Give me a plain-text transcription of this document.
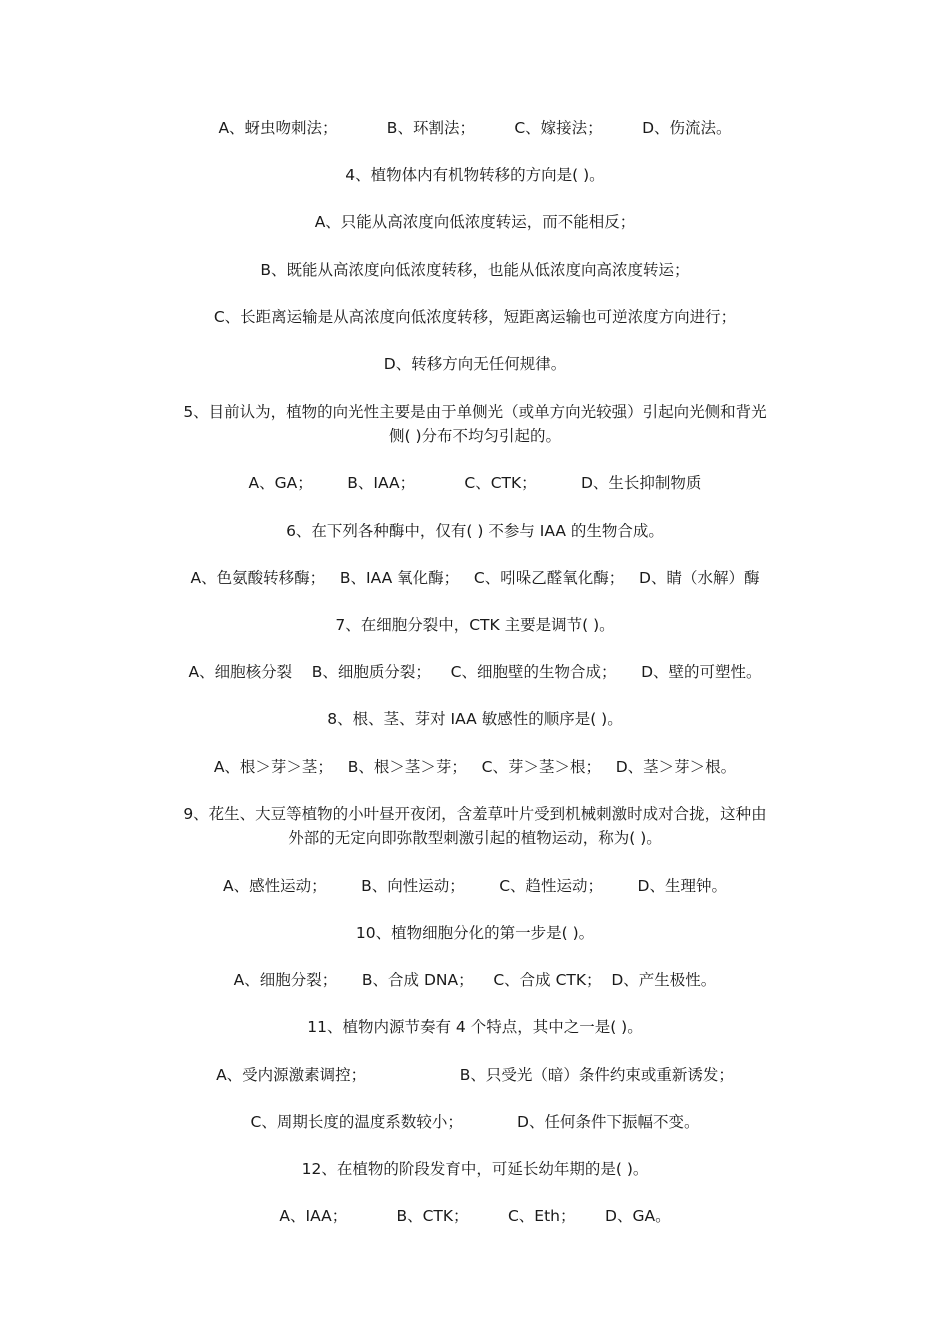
A、蚜虫吻刺法；          B、环割法；        C、嫁接法；        D、伤流法。
4、植物体内有机物转移的方向是( )。
A、只能从高浓度向低浓度转运，而不能相反；
B、既能从高浓度向低浓度转移，也能从低浓度向高浓度转运；
C、长距离运输是从高浓度向低浓度转移，短距离运输也可逆浓度方向进行；
D、转移方向无任何规律。
5、目前认为，植物的向光性主要是由于单侧光（或单方向光较强）引起向光侧和背光
侧( )分布不均匀引起的。
A、GA；       B、IAA；          C、CTK；         D、生长抑制物质
6、在下列各种酶中，仅有( ) 不参与 IAA 的生物合成。
A、色氨酸转移酶；   B、IAA 氧化酶；   C、吲哚乙醛氧化酶；   D、睛（水解）酶
7、在细胞分裂中，CTK 主要是调节( )。
A、细胞核分裂    B、细胞质分裂；    C、细胞壁的生物合成；     D、壁的可塑性。
8、根、茎、芽对 IAA 敏感性的顺序是( )。
A、根＞芽＞茎；   B、根＞茎＞芽；   C、芽＞茎＞根；   D、茎＞芽＞根。
9、花生、大豆等植物的小叶昼开夜闭，含羞草叶片受到机械刺激时成对合拢，这种由
外部的无定向即弥散型刺激引起的植物运动，称为( )。
A、感性运动；       B、向性运动；       C、趋性运动；       D、生理钟。
10、植物细胞分化的第一步是( )。
A、细胞分裂；     B、合成 DNA；    C、合成 CTK；  D、产生极性。
11、植物内源节奏有 4 个特点，其中之一是( )。
A、受内源激素调控；                   B、只受光（暗）条件约束或重新诱发；
C、周期长度的温度系数较小；           D、任何条件下振幅不变。
12、在植物的阶段发育中，可延长幼年期的是( )。
A、IAA；          B、CTK；        C、Eth；      D、GA。
